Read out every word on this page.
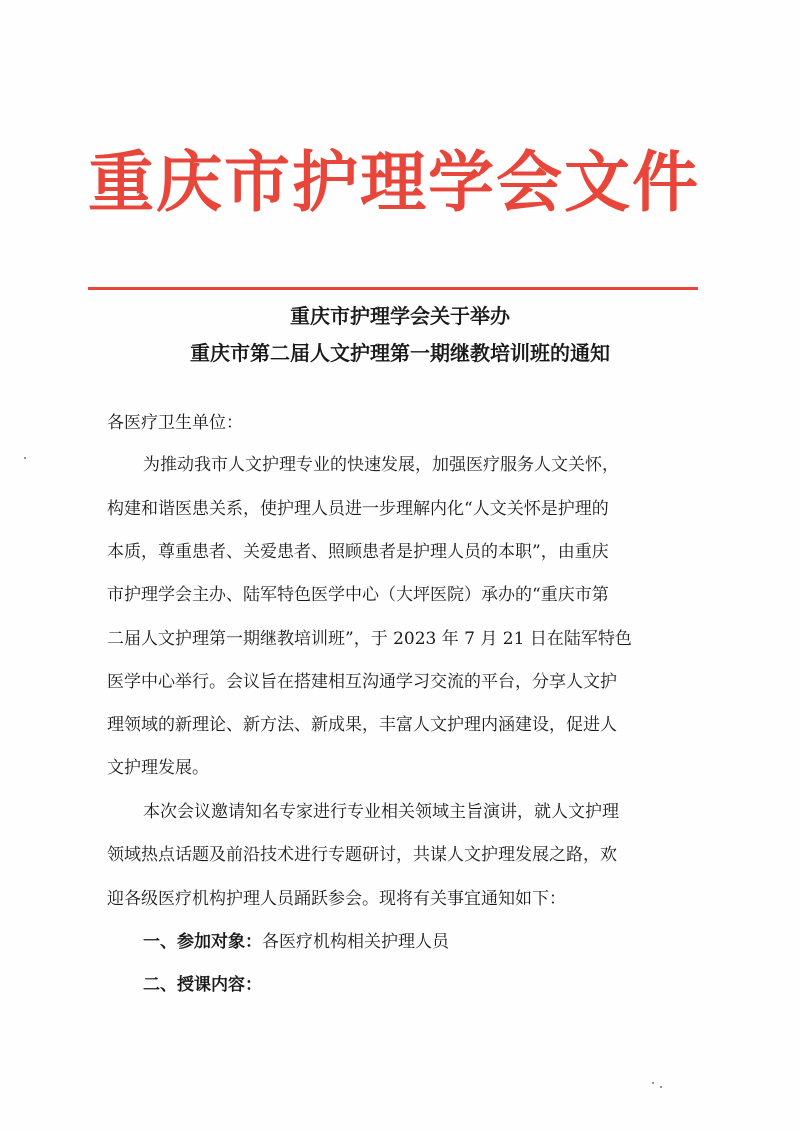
重庆市护理学会文件
重庆市护理学会关于举办
重庆市第二届人文护理第一期继教培训班的通知
各医疗卫生单位：
为推动我市人文护理专业的快速发展，加强医疗服务人文关怀，
构建和谐医患关系，使护理人员进一步理解内化“人文关怀是护理的
本质，尊重患者、关爱患者、照顾患者是护理人员的本职”，由重庆
市护理学会主办、陆军特色医学中心（大坪医院）承办的“重庆市第
二届人文护理第一期继教培训班”，于 2023 年 7 月 21 日在陆军特色
医学中心举行。会议旨在搭建相互沟通学习交流的平台，分享人文护
理领域的新理论、新方法、新成果，丰富人文护理内涵建设，促进人
文护理发展。
本次会议邀请知名专家进行专业相关领域主旨演讲，就人文护理
领域热点话题及前沿技术进行专题研讨，共谋人文护理发展之路，欢
迎各级医疗机构护理人员踊跃参会。现将有关事宜通知如下：
一、参加对象：各医疗机构相关护理人员
二、授课内容：
